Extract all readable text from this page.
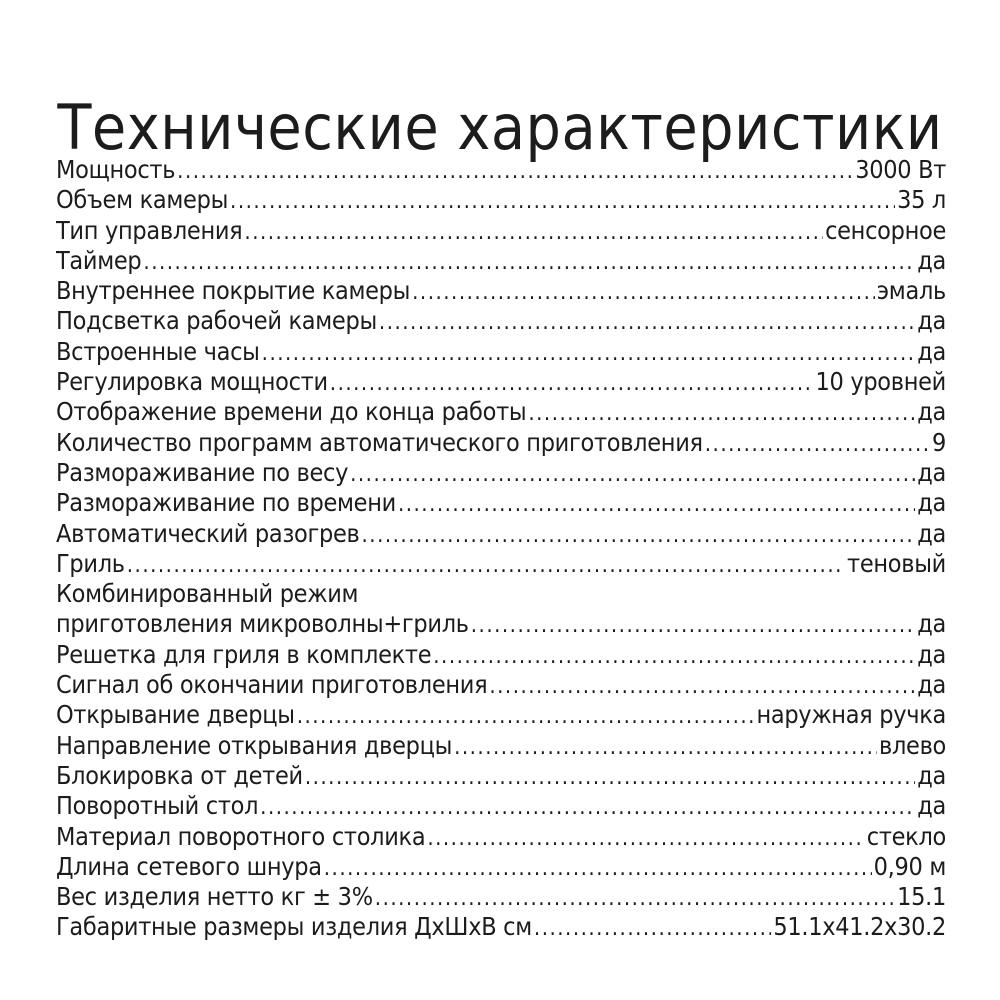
Технические характеристики
Мощность .....	3000 Вт
Объем камеры .....	35 л
Тип управления .....	сенсорное
Таймер .....	да
Внутреннее покрытие камеры .....	эмаль
Подсветка рабочей камеры .....	да
Встроенные часы .....	да
Регулировка мощности .....	10 уровней
Отображение времени до конца работы .....	да
Количество программ автоматического приготовления .....	9
Размораживание по весу .....	да
Размораживание по времени .....	да
Автоматический разогрев .....	да
Гриль .....	теновый
Комбинированный режим
приготовления микроволны+гриль .....	да
Решетка для гриля в комплекте .....	да
Сигнал об окончании приготовления .....	да
Открывание дверцы .....	наружная ручка
Направление открывания дверцы .....	влево
Блокировка от детей .....	да
Поворотный стол .....	да
Материал поворотного столика .....	стекло
Длина сетевого шнура .....	0,90 м
Вес изделия нетто кг ± 3% .....	15.1
Габаритные размеры изделия ДхШхВ см .....	51.1x41.2x30.2
